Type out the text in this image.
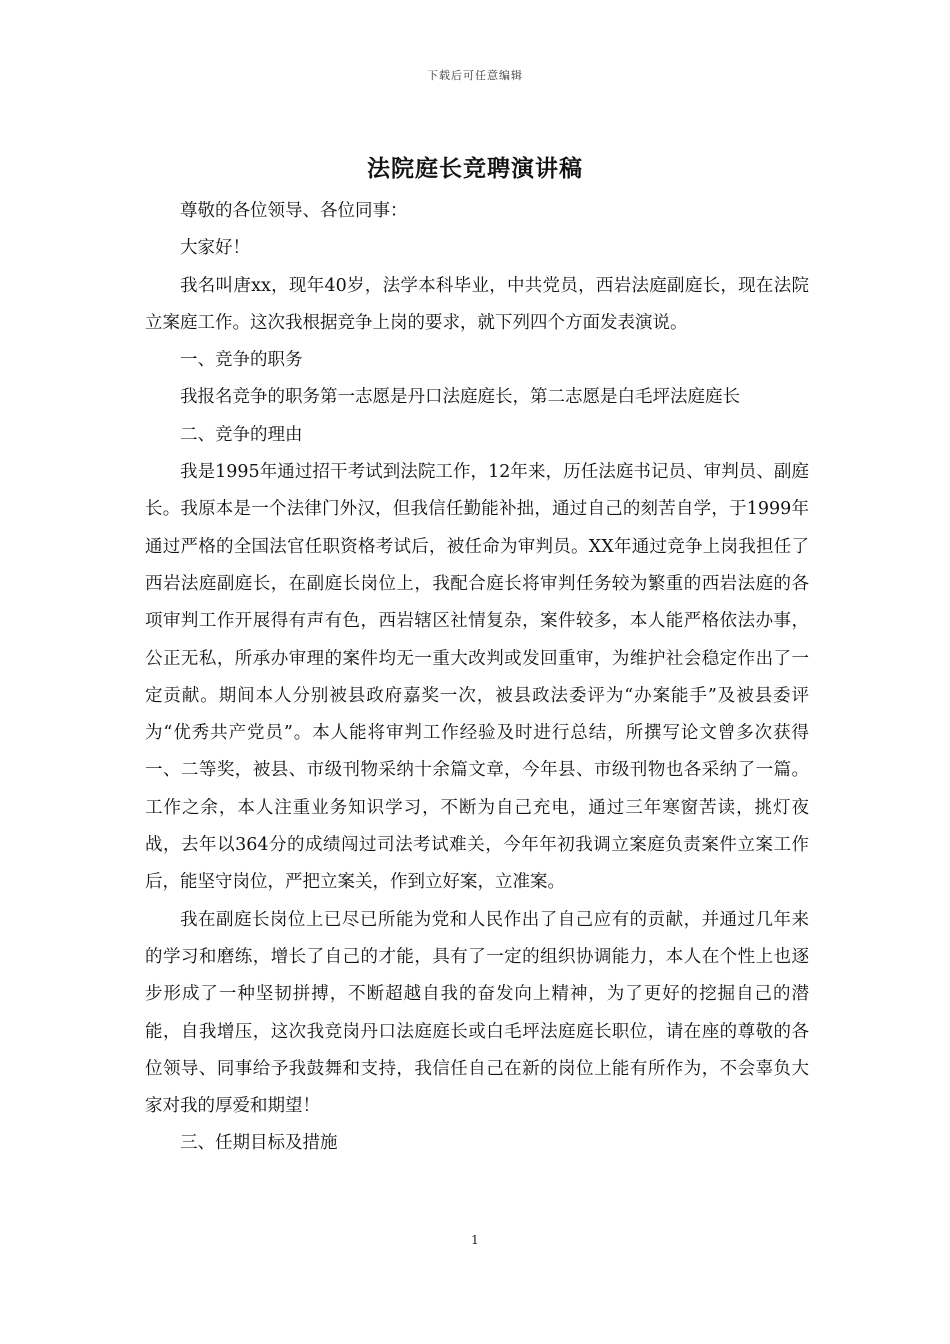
下载后可任意编辑
法院庭长竞聘演讲稿

尊敬的各位领导、各位同事：

大家好！

我名叫唐xx，现年40岁，法学本科毕业，中共党员，西岩法庭副庭长，现在法院立案庭工作。这次我根据竞争上岗的要求，就下列四个方面发表演说。

一、竞争的职务

我报名竞争的职务第一志愿是丹口法庭庭长，第二志愿是白毛坪法庭庭长

二、竞争的理由

我是1995年通过招干考试到法院工作，12年来，历任法庭书记员、审判员、副庭长。我原本是一个法律门外汉，但我信任勤能补拙，通过自己的刻苦自学，于1999年通过严格的全国法官任职资格考试后，被任命为审判员。XX年通过竞争上岗我担任了西岩法庭副庭长，在副庭长岗位上，我配合庭长将审判任务较为繁重的西岩法庭的各项审判工作开展得有声有色，西岩辖区社情复杂，案件较多，本人能严格依法办事，公正无私，所承办审理的案件均无一重大改判或发回重审，为维护社会稳定作出了一定贡献。期间本人分别被县政府嘉奖一次，被县政法委评为“办案能手”及被县委评为“优秀共产党员”。本人能将审判工作经验及时进行总结，所撰写论文曾多次获得一、二等奖，被县、市级刊物采纳十余篇文章，今年县、市级刊物也各采纳了一篇。工作之余，本人注重业务知识学习，不断为自己充电，通过三年寒窗苦读，挑灯夜战，去年以364分的成绩闯过司法考试难关，今年年初我调立案庭负责案件立案工作后，能坚守岗位，严把立案关，作到立好案，立准案。

我在副庭长岗位上已尽已所能为党和人民作出了自己应有的贡献，并通过几年来的学习和磨练，增长了自己的才能，具有了一定的组织协调能力，本人在个性上也逐步形成了一种坚韧拼搏，不断超越自我的奋发向上精神，为了更好的挖掘自己的潜能，自我增压，这次我竞岗丹口法庭庭长或白毛坪法庭庭长职位，请在座的尊敬的各位领导、同事给予我鼓舞和支持，我信任自己在新的岗位上能有所作为，不会辜负大家对我的厚爱和期望！

三、任期目标及措施

1
